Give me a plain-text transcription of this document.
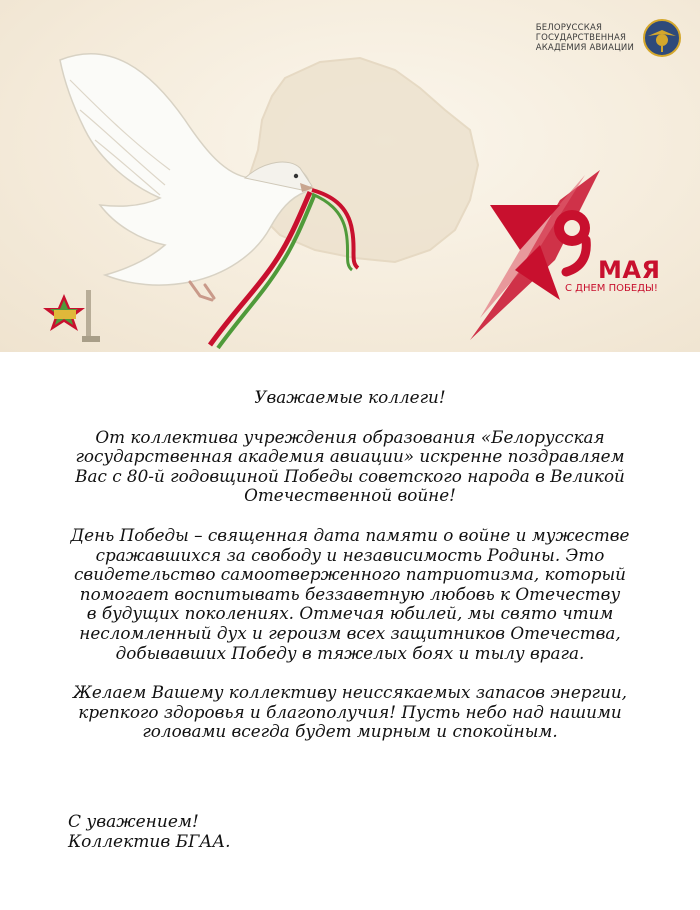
БЕЛОРУССКАЯ
ГОСУДАРСТВЕННАЯ
АКАДЕМИЯ АВИАЦИИ
МАЯ
С ДНЕМ ПОБЕДЫ!

Уважаемые коллеги!

От коллектива учреждения образования «Белорусская
государственная академия авиации» искренне поздравляем
Вас с 80-й годовщиной Победы советского народа в Великой
Отечественной войне!

День Победы – священная дата памяти о войне и мужестве
сражавшихся за свободу и независимость Родины. Это
свидетельство самоотверженного патриотизма, который
помогает воспитывать беззаветную любовь к Отечеству
в будущих поколениях. Отмечая юбилей, мы свято чтим
несломленный дух и героизм всех защитников Отечества,
добывавших Победу в тяжелых боях и тылу врага.

Желаем Вашему коллективу неиссякаемых запасов энергии,
крепкого здоровья и благополучия! Пусть небо над нашими
головами всегда будет мирным и спокойным.

С уважением!
Коллектив БГАА.
